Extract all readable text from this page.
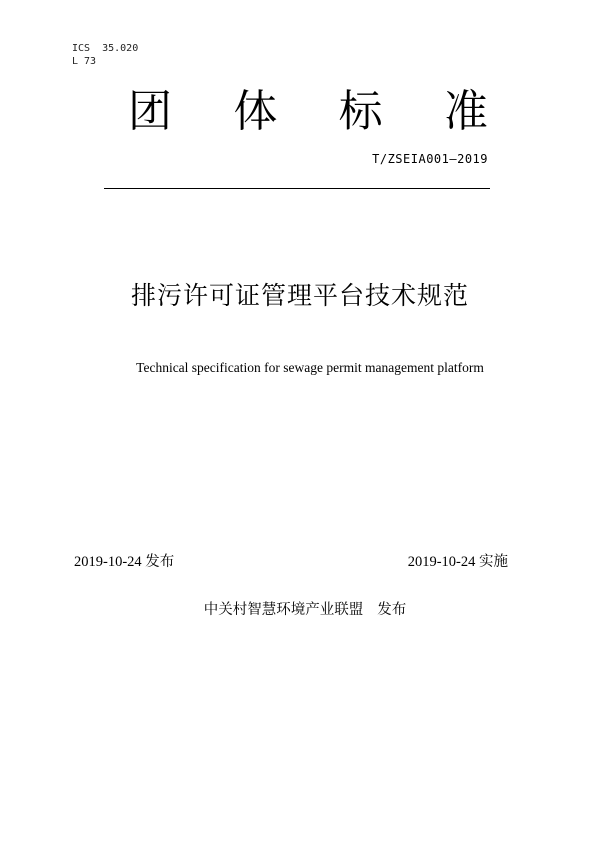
ICS  35.020
L 73
团 体 标 准
T/ZSEIA001—2019
排污许可证管理平台技术规范
Technical specification for sewage permit management platform
2019-10-24 发布	2019-10-24 实施
中关村智慧环境产业联盟 发布
